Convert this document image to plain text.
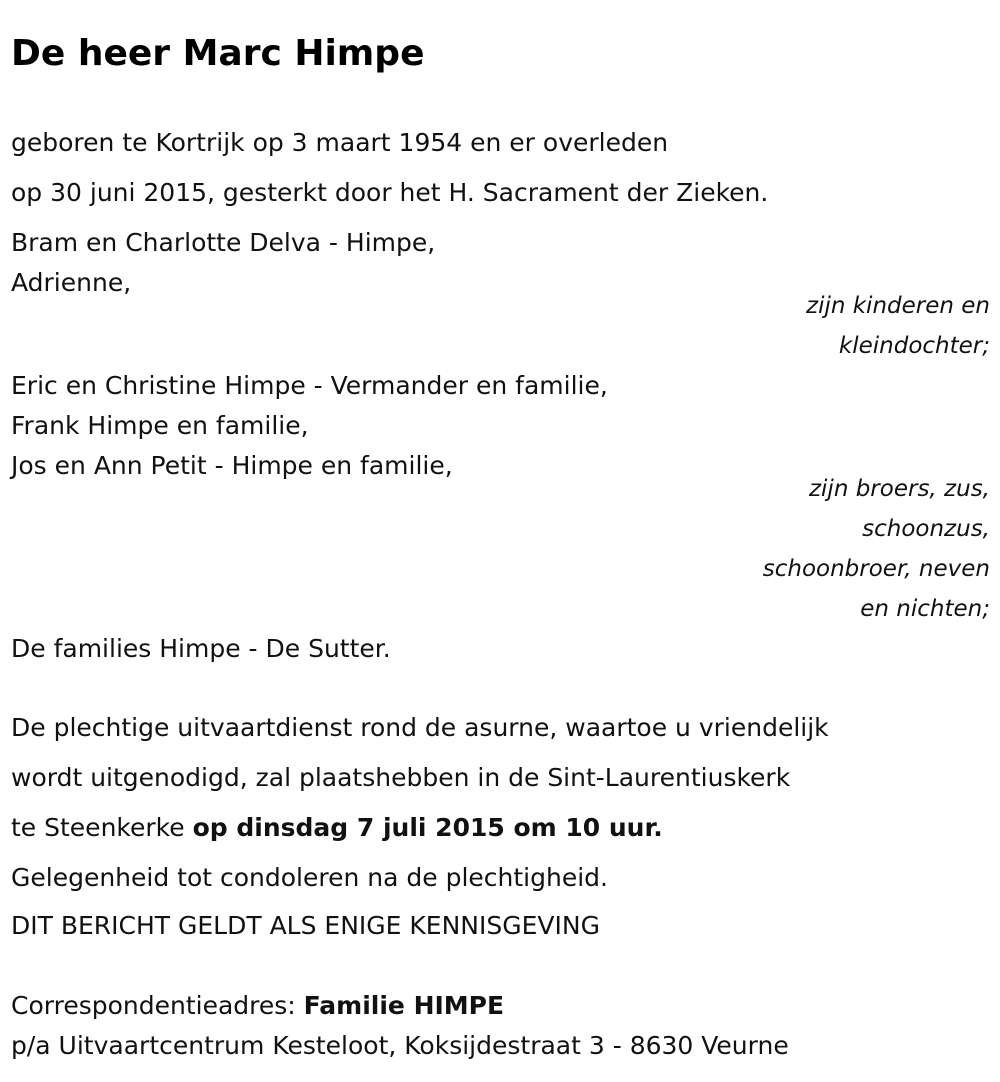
De heer Marc Himpe
geboren te Kortrijk op 3 maart 1954 en er overleden
op 30 juni 2015, gesterkt door het H. Sacrament der Zieken.
Bram en Charlotte Delva - Himpe,
Adrienne,
zijn kinderen en
kleindochter;
Eric en Christine Himpe - Vermander en familie,
Frank Himpe en familie,
Jos en Ann Petit - Himpe en familie,
zijn broers, zus,
schoonzus,
schoonbroer, neven
en nichten;
De families Himpe - De Sutter.
De plechtige uitvaartdienst rond de asurne, waartoe u vriendelijk
wordt uitgenodigd, zal plaatshebben in de Sint-Laurentiuskerk
te Steenkerke op dinsdag 7 juli 2015 om 10 uur.
Gelegenheid tot condoleren na de plechtigheid.
DIT BERICHT GELDT ALS ENIGE KENNISGEVING
Correspondentieadres: Familie HIMPE
p/a Uitvaartcentrum Kesteloot, Koksijdestraat 3 - 8630 Veurne
